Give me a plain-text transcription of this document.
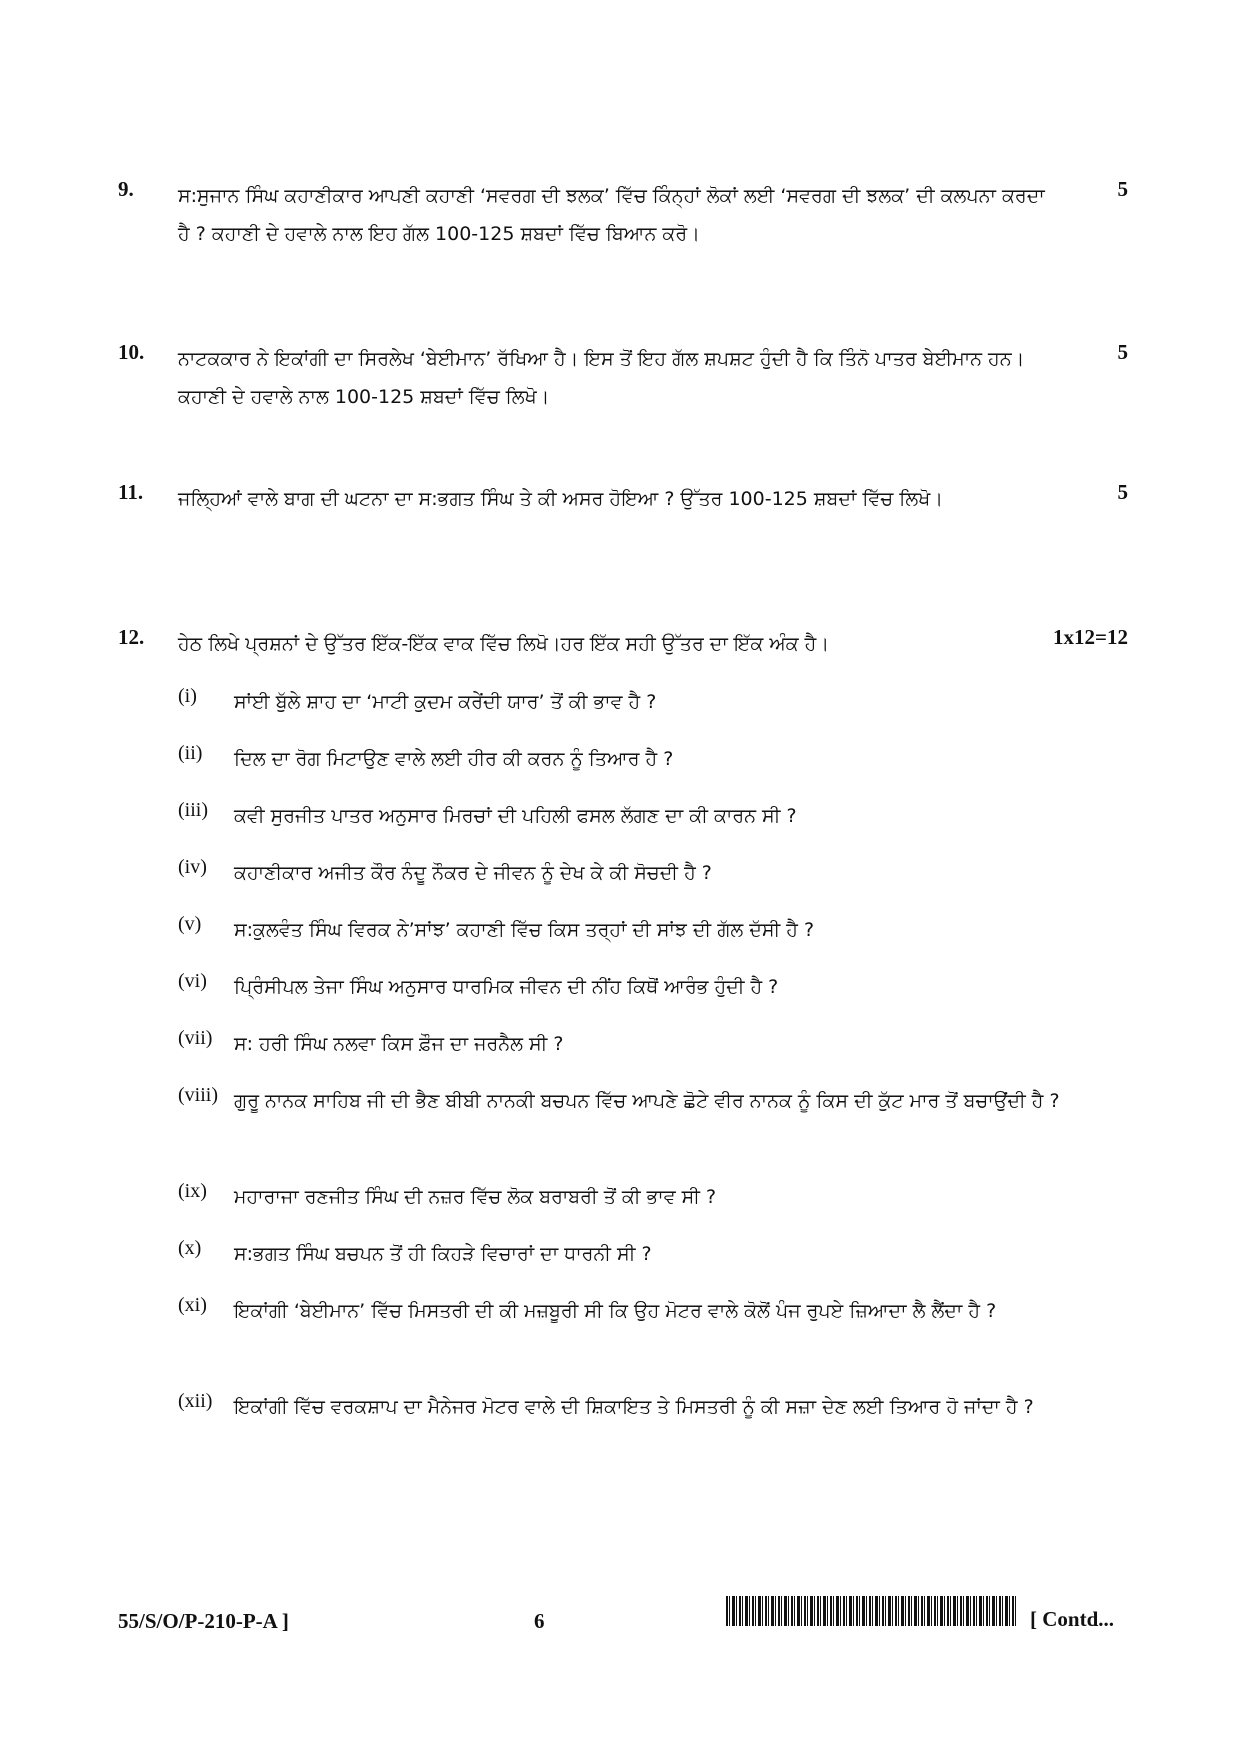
9. ਸ:ਸੁਜਾਨ ਸਿੰਘ ਕਹਾਣੀਕਾਰ ਆਪਣੀ ਕਹਾਣੀ ‘ਸਵਰਗ ਦੀ ਝਲਕ’ ਵਿੱਚ ਕਿੰਨ੍ਹਾਂ ਲੋਕਾਂ ਲਈ ‘ਸਵਰਗ ਦੀ ਝਲਕ’ ਦੀ ਕਲਪਨਾ ਕਰਦਾ ਹੈ ? ਕਹਾਣੀ ਦੇ ਹਵਾਲੇ ਨਾਲ ਇਹ ਗੱਲ 100-125 ਸ਼ਬਦਾਂ ਵਿੱਚ ਬਿਆਨ ਕਰੋ।
5
10. ਨਾਟਕਕਾਰ ਨੇ ਇਕਾਂਗੀ ਦਾ ਸਿਰਲੇਖ ‘ਬੇਈਮਾਨ’ ਰੱਖਿਆ ਹੈ। ਇਸ ਤੋਂ ਇਹ ਗੱਲ ਸ਼ਪਸ਼ਟ ਹੁੰਦੀ ਹੈ ਕਿ ਤਿੰਨੋ ਪਾਤਰ ਬੇਈਮਾਨ ਹਨ। ਕਹਾਣੀ ਦੇ ਹਵਾਲੇ ਨਾਲ 100-125 ਸ਼ਬਦਾਂ ਵਿੱਚ ਲਿਖੋ।
5
11. ਜਲ੍ਹਿਆਂ ਵਾਲੇ ਬਾਗ ਦੀ ਘਟਨਾ ਦਾ ਸ:ਭਗਤ ਸਿੰਘ ਤੇ ਕੀ ਅਸਰ ਹੋਇਆ ? ਉੱਤਰ 100-125 ਸ਼ਬਦਾਂ ਵਿੱਚ ਲਿਖੋ।	5
12. ਹੇਠ ਲਿਖੇ ਪ੍ਰਸ਼ਨਾਂ ਦੇ ਉੱਤਰ ਇੱਕ-ਇੱਕ ਵਾਕ ਵਿੱਚ ਲਿਖੋ।ਹਰ ਇੱਕ ਸਹੀ ਉੱਤਰ ਦਾ ਇੱਕ ਅੰਕ ਹੈ।	1x12=12
(i) ਸਾਂਈ ਬੁੱਲੇ ਸ਼ਾਹ ਦਾ ‘ਮਾਟੀ ਕੁਦਮ ਕਰੇਂਦੀ ਯਾਰ’ ਤੋਂ ਕੀ ਭਾਵ ਹੈ ?
(ii) ਦਿਲ ਦਾ ਰੋਗ ਮਿਟਾਉਣ ਵਾਲੇ ਲਈ ਹੀਰ ਕੀ ਕਰਨ ਨੂੰ ਤਿਆਰ ਹੈ ?
(iii) ਕਵੀ ਸੁਰਜੀਤ ਪਾਤਰ ਅਨੁਸਾਰ ਮਿਰਚਾਂ ਦੀ ਪਹਿਲੀ ਫਸਲ ਲੱਗਣ ਦਾ ਕੀ ਕਾਰਨ ਸੀ ?
(iv) ਕਹਾਣੀਕਾਰ ਅਜੀਤ ਕੌਰ ਨੰਦੂ ਨੌਕਰ ਦੇ ਜੀਵਨ ਨੂੰ ਦੇਖ ਕੇ ਕੀ ਸੋਚਦੀ ਹੈ ?
(v) ਸ:ਕੁਲਵੰਤ ਸਿੰਘ ਵਿਰਕ ਨੇ’ਸਾਂਝ’ ਕਹਾਣੀ ਵਿੱਚ ਕਿਸ ਤਰ੍ਹਾਂ ਦੀ ਸਾਂਝ ਦੀ ਗੱਲ ਦੱਸੀ ਹੈ ?
(vi) ਪ੍ਰਿੰਸੀਪਲ ਤੇਜਾ ਸਿੰਘ ਅਨੁਸਾਰ ਧਾਰਮਿਕ ਜੀਵਨ ਦੀ ਨੀਂਹ ਕਿਥੋਂ ਆਰੰਭ ਹੁੰਦੀ ਹੈ ?
(vii) ਸ: ਹਰੀ ਸਿੰਘ ਨਲਵਾ ਕਿਸ ਫ਼ੌਜ ਦਾ ਜਰਨੈਲ ਸੀ ?
(viii) ਗੁਰੂ ਨਾਨਕ ਸਾਹਿਬ ਜੀ ਦੀ ਭੈਣ ਬੀਬੀ ਨਾਨਕੀ ਬਚਪਨ ਵਿੱਚ ਆਪਣੇ ਛੋਟੇ ਵੀਰ ਨਾਨਕ ਨੂੰ ਕਿਸ ਦੀ ਕੁੱਟ ਮਾਰ ਤੋਂ ਬਚਾਉਂਦੀ ਹੈ ?
(ix) ਮਹਾਰਾਜਾ ਰਣਜੀਤ ਸਿੰਘ ਦੀ ਨਜ਼ਰ ਵਿੱਚ ਲੋਕ ਬਰਾਬਰੀ ਤੋਂ ਕੀ ਭਾਵ ਸੀ ?
(x) ਸ:ਭਗਤ ਸਿੰਘ ਬਚਪਨ ਤੋਂ ਹੀ ਕਿਹੜੇ ਵਿਚਾਰਾਂ ਦਾ ਧਾਰਨੀ ਸੀ ?
(xi) ਇਕਾਂਗੀ ‘ਬੇਈਮਾਨ’ ਵਿੱਚ ਮਿਸਤਰੀ ਦੀ ਕੀ ਮਜ਼ਬੂਰੀ ਸੀ ਕਿ ਉਹ ਮੋਟਰ ਵਾਲੇ ਕੋਲੋਂ ਪੰਜ ਰੁਪਏ ਜ਼ਿਆਦਾ ਲੈ ਲੈਂਦਾ ਹੈ ?
(xii) ਇਕਾਂਗੀ ਵਿੱਚ ਵਰਕਸ਼ਾਪ ਦਾ ਮੈਨੇਜਰ ਮੋਟਰ ਵਾਲੇ ਦੀ ਸ਼ਿਕਾਇਤ ਤੇ ਮਿਸਤਰੀ ਨੂੰ ਕੀ ਸਜ਼ਾ ਦੇਣ ਲਈ ਤਿਆਰ ਹੋ ਜਾਂਦਾ ਹੈ ?
55/S/O/P-210-P-A ]	6	[ Contd...
